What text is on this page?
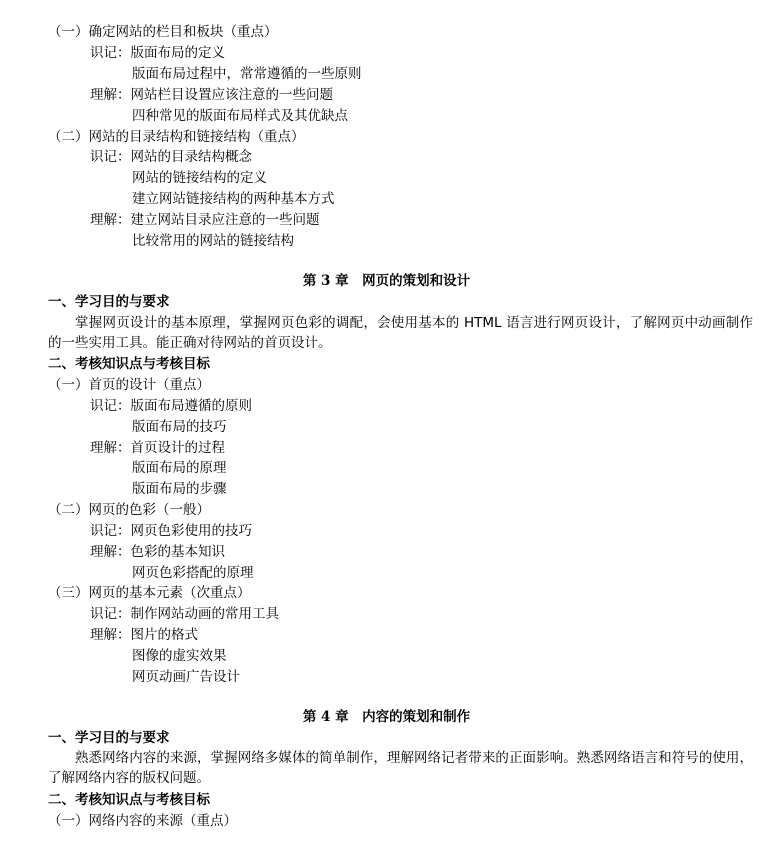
（一）确定网站的栏目和板块（重点）
识记：版面布局的定义
版面布局过程中，常常遵循的一些原则
理解：网站栏目设置应该注意的一些问题
四种常见的版面布局样式及其优缺点
（二）网站的目录结构和链接结构（重点）
识记：网站的目录结构概念
网站的链接结构的定义
建立网站链接结构的两种基本方式
理解：建立网站目录应注意的一些问题
比较常用的网站的链接结构
第 3 章　网页的策划和设计
一、学习目的与要求
掌握网页设计的基本原理，掌握网页色彩的调配，会使用基本的 HTML 语言进行网页设计，了解网页中动画制作的一些实用工具。能正确对待网站的首页设计。
二、考核知识点与考核目标
（一）首页的设计（重点）
识记：版面布局遵循的原则
版面布局的技巧
理解：首页设计的过程
版面布局的原理
版面布局的步骤
（二）网页的色彩（一般）
识记：网页色彩使用的技巧
理解：色彩的基本知识
网页色彩搭配的原理
（三）网页的基本元素（次重点）
识记：制作网站动画的常用工具
理解：图片的格式
图像的虚实效果
网页动画广告设计
第 4 章　内容的策划和制作
一、学习目的与要求
熟悉网络内容的来源，掌握网络多媒体的简单制作，理解网络记者带来的正面影响。熟悉网络语言和符号的使用，了解网络内容的版权问题。
二、考核知识点与考核目标
（一）网络内容的来源（重点）
